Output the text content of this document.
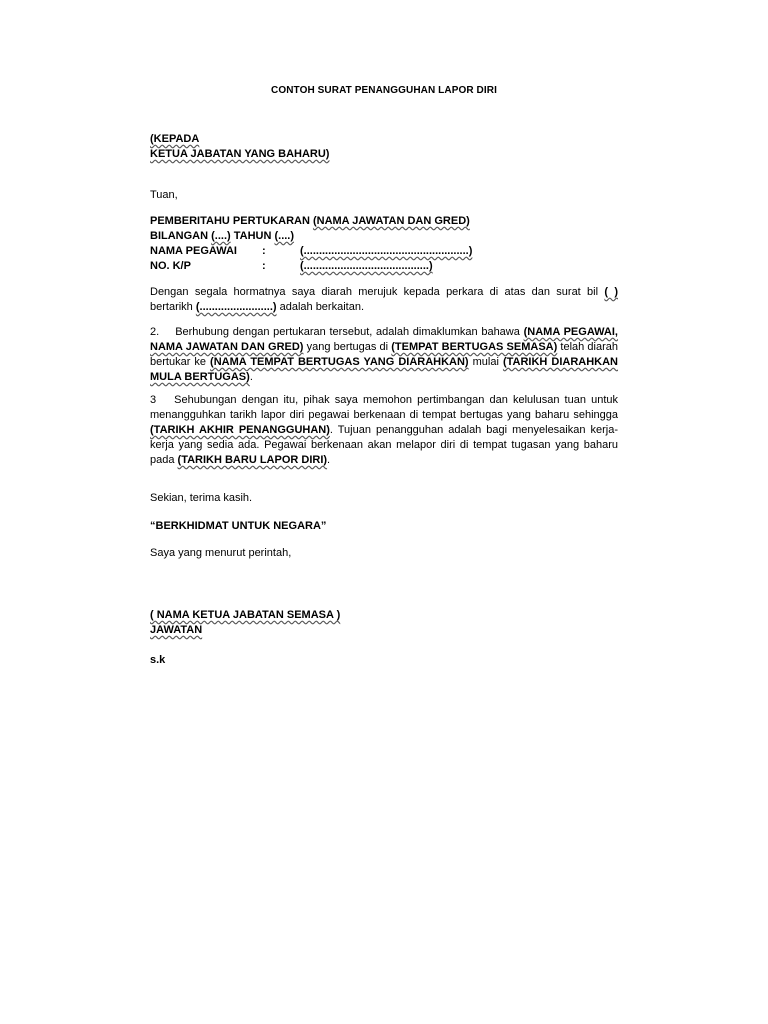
CONTOH SURAT PENANGGUHAN LAPOR DIRI
(KEPADA
KETUA JABATAN YANG BAHARU)
Tuan,
PEMBERITAHU PERTUKARAN (NAMA JAWATAN DAN GRED)
BILANGAN (....) TAHUN (....)
NAMA PEGAWAI :	(......................................................)
NO. K/P	:	(.........................................)

Dengan segala hormatnya saya diarah merujuk kepada perkara di atas dan surat bil ( ) bertarikh (........................) adalah berkaitan.

2. Berhubung dengan pertukaran tersebut, adalah dimaklumkan bahawa (NAMA PEGAWAI, NAMA JAWATAN DAN GRED) yang bertugas di (TEMPAT BERTUGAS SEMASA) telah diarah bertukar ke (NAMA TEMPAT BERTUGAS YANG DIARAHKAN) mulai (TARIKH DIARAHKAN MULA BERTUGAS).

3 Sehubungan dengan itu, pihak saya memohon pertimbangan dan kelulusan tuan untuk menangguhkan tarikh lapor diri pegawai berkenaan di tempat bertugas yang baharu sehingga (TARIKH AKHIR PENANGGUHAN). Tujuan penangguhan adalah bagi menyelesaikan kerja-kerja yang sedia ada. Pegawai berkenaan akan melapor diri di tempat tugasan yang baharu pada (TARIKH BARU LAPOR DIRI).

Sekian, terima kasih.
“BERKHIDMAT UNTUK NEGARA”
Saya yang menurut perintah,
( NAMA KETUA JABATAN SEMASA )
JAWATAN
s.k
